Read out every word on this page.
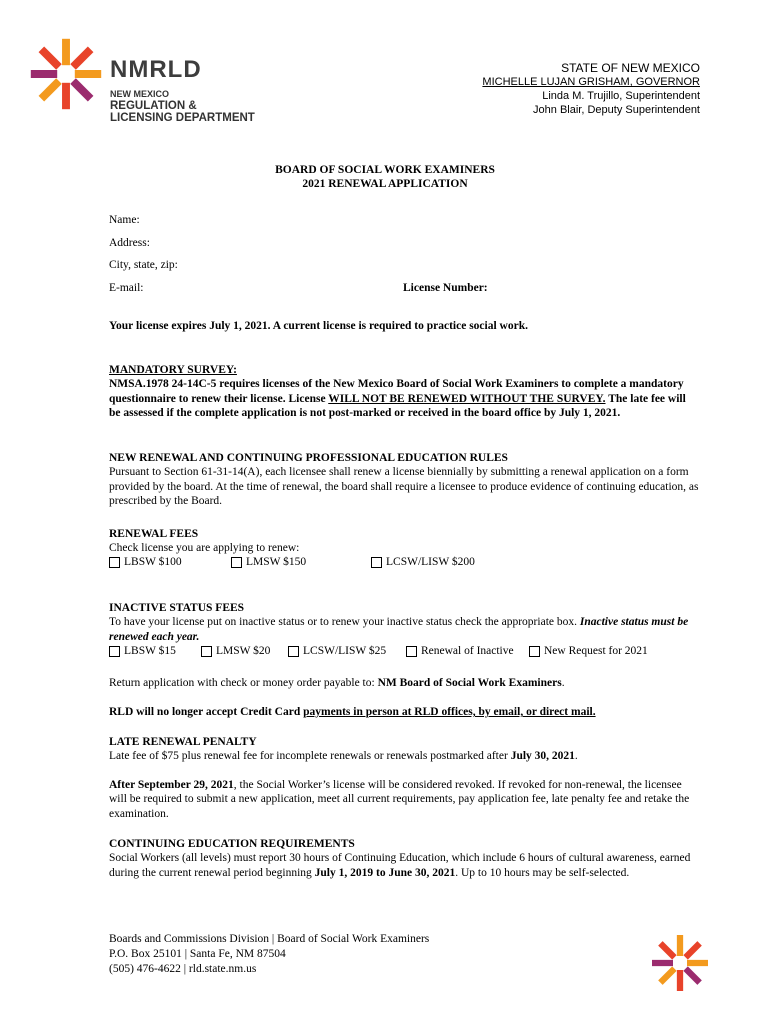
NMRLD
NEW MEXICO
REGULATION &
LICENSING DEPARTMENT
STATE OF NEW MEXICO
MICHELLE LUJAN GRISHAM, GOVERNOR
Linda M. Trujillo, Superintendent
John Blair, Deputy Superintendent
BOARD OF SOCIAL WORK EXAMINERS
2021 RENEWAL APPLICATION
Name:
Address:
City, state, zip:
E-mail:	License Number:
Your license expires July 1, 2021. A current license is required to practice social work.
MANDATORY SURVEY:
NMSA.1978 24-14C-5 requires licenses of the New Mexico Board of Social Work Examiners to complete a mandatory questionnaire to renew their license. License WILL NOT BE RENEWED WITHOUT THE SURVEY. The late fee will be assessed if the complete application is not post-marked or received in the board office by July 1, 2021.
NEW RENEWAL AND CONTINUING PROFESSIONAL EDUCATION RULES
Pursuant to Section 61-31-14(A), each licensee shall renew a license biennially by submitting a renewal application on a form provided by the board. At the time of renewal, the board shall require a licensee to produce evidence of continuing education, as prescribed by the Board.
RENEWAL FEES
Check license you are applying to renew:
LBSW $100	LMSW $150	LCSW/LISW $200
INACTIVE STATUS FEES
To have your license put on inactive status or to renew your inactive status check the appropriate box. Inactive status must be renewed each year.
LBSW $15	LMSW $20	LCSW/LISW $25	Renewal of Inactive	New Request for 2021
Return application with check or money order payable to: NM Board of Social Work Examiners.
RLD will no longer accept Credit Card payments in person at RLD offices, by email, or direct mail.
LATE RENEWAL PENALTY
Late fee of $75 plus renewal fee for incomplete renewals or renewals postmarked after July 30, 2021.
After September 29, 2021, the Social Worker’s license will be considered revoked. If revoked for non-renewal, the licensee will be required to submit a new application, meet all current requirements, pay application fee, late penalty fee and retake the examination.
CONTINUING EDUCATION REQUIREMENTS
Social Workers (all levels) must report 30 hours of Continuing Education, which include 6 hours of cultural awareness, earned during the current renewal period beginning July 1, 2019 to June 30, 2021. Up to 10 hours may be self-selected.
Boards and Commissions Division | Board of Social Work Examiners
P.O. Box 25101 | Santa Fe, NM 87504
(505) 476-4622 | rld.state.nm.us
